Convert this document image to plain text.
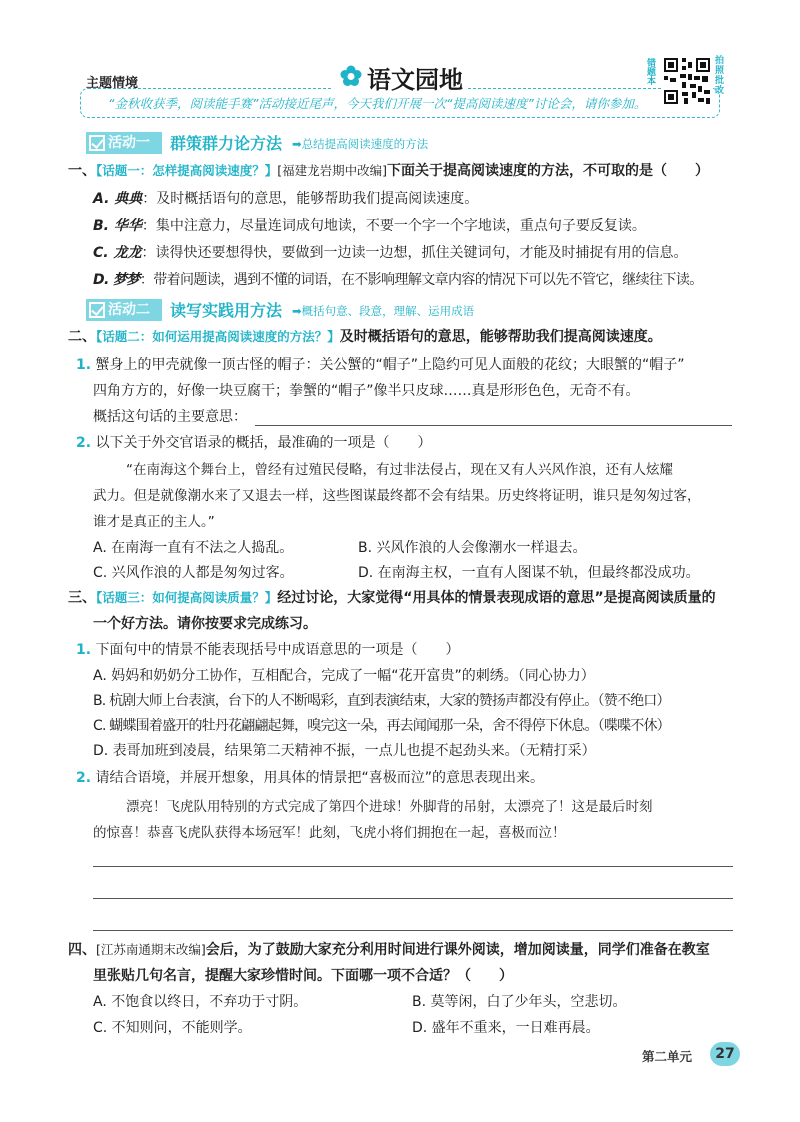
主题情境
“金秋收获季，阅读能手赛”活动接近尾声，今天我们开展一次“提高阅读速度”讨论会，请你参加。
语文园地
错题本
拍照批改
活动一	群策群力论方法 ➡总结提高阅读速度的方法
一、【话题一：怎样提高阅读速度？】[福建龙岩期中改编]下面关于提高阅读速度的方法，不可取的是（　　）
A. 典典：及时概括语句的意思，能够帮助我们提高阅读速度。
B. 华华：集中注意力，尽量连词成句地读，不要一个字一个字地读，重点句子要反复读。
C. 龙龙：读得快还要想得快，要做到一边读一边想，抓住关键词句，才能及时捕捉有用的信息。
D. 梦梦：带着问题读，遇到不懂的词语，在不影响理解文章内容的情况下可以先不管它，继续往下读。
活动二	读写实践用方法 ➡概括句意、段意，理解、运用成语
二、【话题二：如何运用提高阅读速度的方法？】及时概括语句的意思，能够帮助我们提高阅读速度。
1. 蟹身上的甲壳就像一顶古怪的帽子：关公蟹的“帽子”上隐约可见人面般的花纹；大眼蟹的“帽子”
四角方方的，好像一块豆腐干；拳蟹的“帽子”像半只皮球……真是形形色色，无奇不有。
概括这句话的主要意思：
2. 以下关于外交官语录的概括，最准确的一项是（　　）
“在南海这个舞台上，曾经有过殖民侵略，有过非法侵占，现在又有人兴风作浪，还有人炫耀
武力。但是就像潮水来了又退去一样，这些图谋最终都不会有结果。历史终将证明，谁只是匆匆过客，
谁才是真正的主人。”
A. 在南海一直有不法之人捣乱。	B. 兴风作浪的人会像潮水一样退去。
C. 兴风作浪的人都是匆匆过客。	D. 在南海主权，一直有人图谋不轨，但最终都没成功。
三、【话题三：如何提高阅读质量？】经过讨论，大家觉得“用具体的情景表现成语的意思”是提高阅读质量的
一个好方法。请你按要求完成练习。
1. 下面句中的情景不能表现括号中成语意思的一项是（　　）
A. 妈妈和奶奶分工协作，互相配合，完成了一幅“花开富贵”的刺绣。（同心协力）
B. 杭剧大师上台表演，台下的人不断喝彩，直到表演结束，大家的赞扬声都没有停止。（赞不绝口）
C. 蝴蝶围着盛开的牡丹花翩翩起舞，嗅完这一朵，再去闻闻那一朵，舍不得停下休息。（喋喋不休）
D. 表哥加班到凌晨，结果第二天精神不振，一点儿也提不起劲头来。（无精打采）
2. 请结合语境，并展开想象，用具体的情景把“喜极而泣”的意思表现出来。
漂亮！飞虎队用特别的方式完成了第四个进球！外脚背的吊射，太漂亮了！这是最后时刻
的惊喜！恭喜飞虎队获得本场冠军！此刻，飞虎小将们拥抱在一起，喜极而泣！
四、[江苏南通期末改编]会后，为了鼓励大家充分利用时间进行课外阅读，增加阅读量，同学们准备在教室
里张贴几句名言，提醒大家珍惜时间。下面哪一项不合适？（　　）
A. 不饱食以终日，不弃功于寸阴。	B. 莫等闲，白了少年头，空悲切。
C. 不知则问，不能则学。	D. 盛年不重来，一日难再晨。
第二单元	27
